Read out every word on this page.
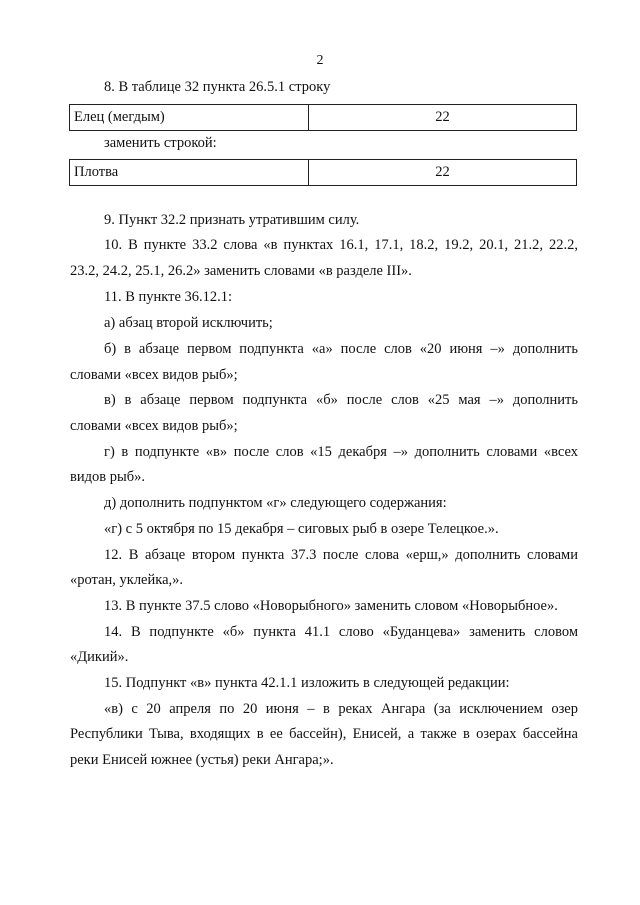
2
8. В таблице 32 пункта 26.5.1 строку
Елец (мегдым)	22
заменить строкой:
Плотва	22
9. Пункт 32.2 признать утратившим силу.
10. В пункте 33.2 слова «в пунктах 16.1, 17.1, 18.2, 19.2, 20.1, 21.2, 22.2,
23.2, 24.2, 25.1, 26.2» заменить словами «в разделе III».
11. В пункте 36.12.1:
а) абзац второй исключить;
б) в абзаце первом подпункта «а» после слов «20 июня –» дополнить
словами «всех видов рыб»;
в) в абзаце первом подпункта «б» после слов «25 мая –» дополнить
словами «всех видов рыб»;
г) в подпункте «в» после слов «15 декабря –» дополнить словами «всех
видов рыб».
д) дополнить подпунктом «г» следующего содержания:
«г) с 5 октября по 15 декабря – сиговых рыб в озере Телецкое.».
12. В абзаце втором пункта 37.3 после слова «ерш,» дополнить словами
«ротан, уклейка,».
13. В пункте 37.5 слово «Новорыбного» заменить словом «Новорыбное».
14. В подпункте «б» пункта 41.1 слово «Буданцева» заменить словом
«Дикий».
15. Подпункт «в» пункта 42.1.1 изложить в следующей редакции:
«в) с 20 апреля по 20 июня – в реках Ангара (за исключением озер
Республики Тыва, входящих в ее бассейн), Енисей, а также в озерах бассейна
реки Енисей южнее (устья) реки Ангара;».
